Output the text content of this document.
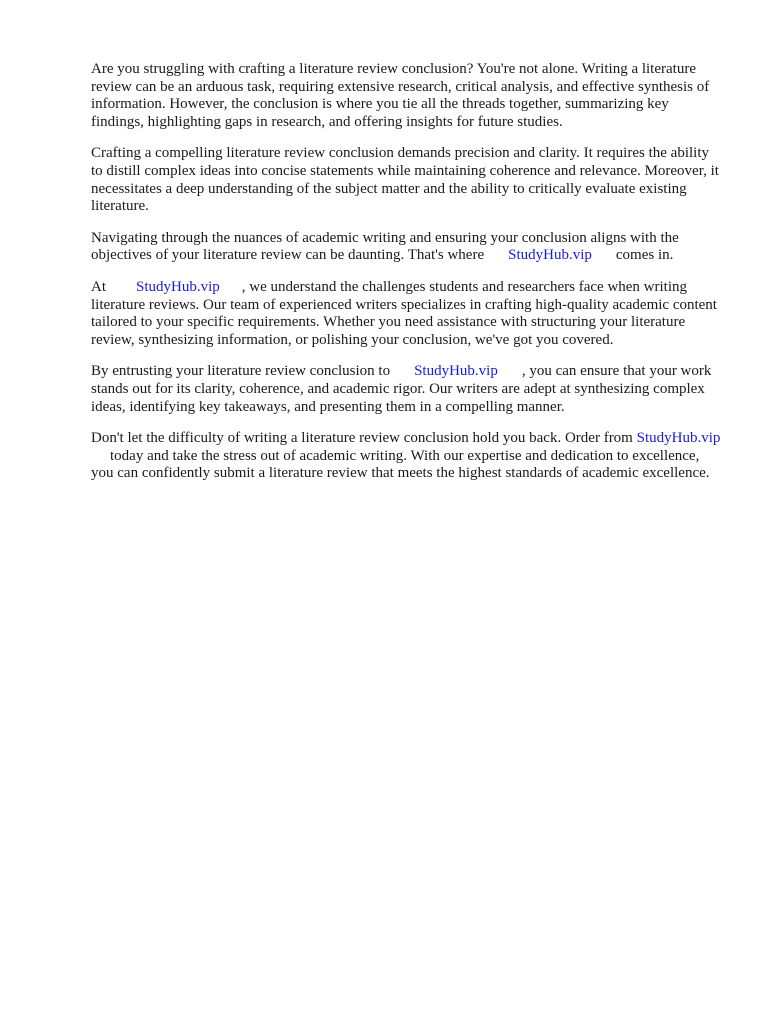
Are you struggling with crafting a literature review conclusion? You're not alone. Writing a literature review can be an arduous task, requiring extensive research, critical analysis, and effective synthesis of information. However, the conclusion is where you tie all the threads together, summarizing key findings, highlighting gaps in research, and offering insights for future studies.

Crafting a compelling literature review conclusion demands precision and clarity. It requires the ability to distill complex ideas into concise statements while maintaining coherence and relevance. Moreover, it necessitates a deep understanding of the subject matter and the ability to critically evaluate existing literature.

Navigating through the nuances of academic writing and ensuring your conclusion aligns with the objectives of your literature review can be daunting. That's where StudyHub.vip comes in.

At StudyHub.vip , we understand the challenges students and researchers face when writing literature reviews. Our team of experienced writers specializes in crafting high-quality academic content tailored to your specific requirements. Whether you need assistance with structuring your literature review, synthesizing information, or polishing your conclusion, we've got you covered.

By entrusting your literature review conclusion to StudyHub.vip , you can ensure that your work stands out for its clarity, coherence, and academic rigor. Our writers are adept at synthesizing complex ideas, identifying key takeaways, and presenting them in a compelling manner.

Don't let the difficulty of writing a literature review conclusion hold you back. Order from StudyHub.viptoday and take the stress out of academic writing. With our expertise and dedication to excellence, you can confidently submit a literature review that meets the highest standards of academic excellence.
